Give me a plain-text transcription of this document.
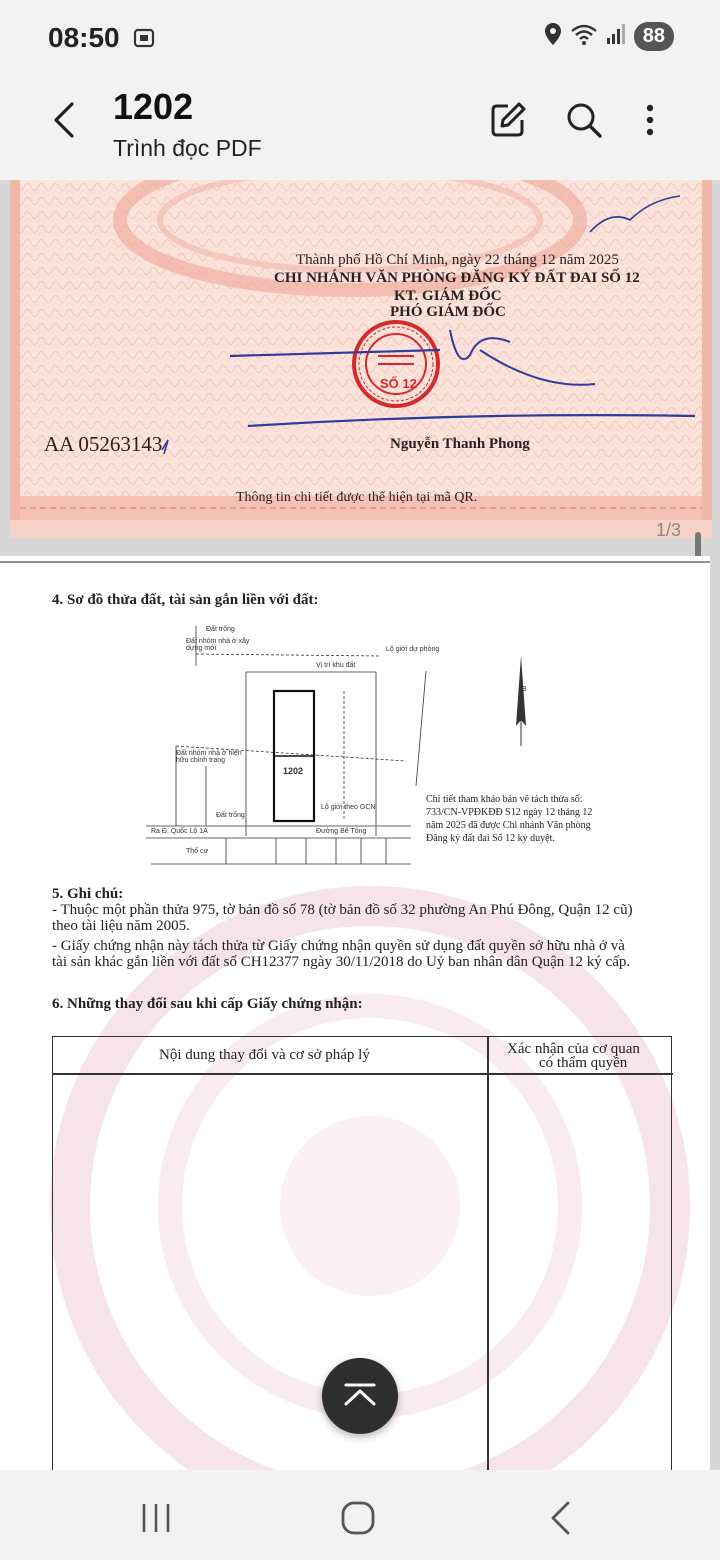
08:50	88
1202
Trình đọc PDF
Thành phố Hồ Chí Minh, ngày 22 tháng 12 năm 2025
CHI NHÁNH VĂN PHÒNG ĐĂNG KÝ ĐẤT ĐAI SỐ 12
KT. GIÁM ĐỐC
PHÓ GIÁM ĐỐC
SỐ 12
AA 05263143	Nguyễn Thanh Phong
Thông tin chi tiết được thể hiện tại mã QR.
1/3
4. Sơ đồ thửa đất, tài sản gắn liền với đất:
Đất trống
Đất nhóm nhà ở xây dựng mới
Vị trí khu đất
Lộ giới dự phòng
Đất nhóm nhà ở hiện hữu chỉnh trang
1202
Đất trống
Lộ giới theo GCN
Ra Đ. Quốc Lộ 1A	Đường Bê Tông
Thổ cư
B
Chi tiết tham khảo bản vẽ tách thửa số:
733/CN-VPĐKĐĐ S12 ngày 12 tháng 12
năm 2025 đã được Chi nhánh Văn phòng
Đăng ký đất đai Số 12 ký duyệt.
5. Ghi chú:
- Thuộc một phần thửa 975, tờ bản đồ số 78 (tờ bản đồ số 32 phường An Phú Đông, Quận 12 cũ)
theo tài liệu năm 2005.
- Giấy chứng nhận này tách thửa từ Giấy chứng nhận quyền sử dụng đất quyền sở hữu nhà ở và
tài sản khác gắn liền với đất số CH12377 ngày 30/11/2018 do Uỷ ban nhân dân Quận 12 ký cấp.
6. Những thay đổi sau khi cấp Giấy chứng nhận:
Nội dung thay đổi và cơ sở pháp lý	Xác nhận của cơ quan
có thẩm quyền
